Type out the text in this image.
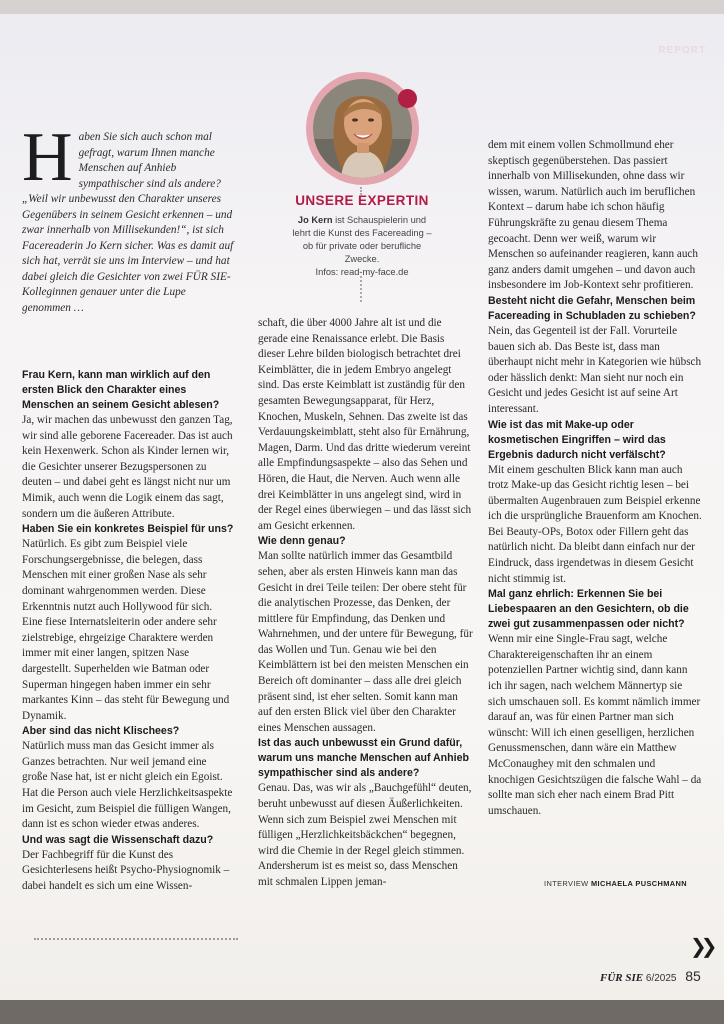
REPORT
H aben Sie sich auch schon mal gefragt, warum Ihnen manche Menschen auf Anhieb sympathischer sind als andere? „Weil wir unbewusst den Charakter unseres Gegenübers in seinem Gesicht erkennen – und zwar innerhalb von Millisekunden!“, ist sich Facereaderin Jo Kern sicher. Was es damit auf sich hat, verrät sie uns im Interview – und hat dabei gleich die Gesichter von zwei FÜR SIE-Kolleginnen genauer unter die Lupe genommen …
UNSERE EXPERTIN
Jo Kern ist Schauspielerin und lehrt die Kunst des Facereading – ob für private oder berufliche Zwecke.
Infos: read-my-face.de

Frau Kern, kann man wirklich auf den ersten Blick den Charakter eines Menschen an seinem Gesicht ablesen?

Ja, wir machen das unbewusst den ganzen Tag, wir sind alle geborene Facereader. Das ist auch kein Hexenwerk. Schon als Kinder lernen wir, die Gesichter unserer Bezugspersonen zu deuten – und dabei geht es längst nicht nur um Mimik, auch wenn die Logik einem das sagt, sondern um die äußeren Attribute.

Haben Sie ein konkretes Beispiel für uns?

Natürlich. Es gibt zum Beispiel viele Forschungsergebnisse, die belegen, dass Menschen mit einer großen Nase als sehr dominant wahrgenommen werden. Diese Erkenntnis nutzt auch Hollywood für sich. Eine fiese Internatsleiterin oder andere sehr zielstrebige, ehrgeizige Charaktere werden immer mit einer langen, spitzen Nase dargestellt. Superhelden wie Batman oder Superman hingegen haben immer ein sehr markantes Kinn – das steht für Bewegung und Dynamik.

Aber sind das nicht Klischees?

Natürlich muss man das Gesicht immer als Ganzes betrachten. Nur weil jemand eine große Nase hat, ist er nicht gleich ein Egoist. Hat die Person auch viele Herzlichkeitsaspekte im Gesicht, zum Beispiel die fülligen Wangen, dann ist es schon wieder etwas anderes.

Und was sagt die Wissenschaft dazu?

Der Fachbegriff für die Kunst des Gesichterlesens heißt Psycho-Physiognomik – dabei handelt es sich um eine Wissen-

schaft, die über 4000 Jahre alt ist und die gerade eine Renaissance erlebt. Die Basis dieser Lehre bilden biologisch betrachtet drei Keimblätter, die in jedem Embryo angelegt sind. Das erste Keimblatt ist zuständig für den gesamten Bewegungsapparat, für Herz, Knochen, Muskeln, Sehnen. Das zweite ist das Verdauungskeimblatt, steht also für Ernährung, Magen, Darm. Und das dritte wiederum vereint alle Empfindungsaspekte – also das Sehen und Hören, die Haut, die Nerven. Auch wenn alle drei Keimblätter in uns angelegt sind, wird in der Regel eines überwiegen – und das lässt sich am Gesicht erkennen.

Wie denn genau?

Man sollte natürlich immer das Gesamtbild sehen, aber als ersten Hinweis kann man das Gesicht in drei Teile teilen: Der obere steht für die analytischen Prozesse, das Denken, der mittlere für Empfindung, das Denken und Wahrnehmen, und der untere für Bewegung, für das Wollen und Tun. Genau wie bei den Keimblättern ist bei den meisten Menschen ein Bereich oft dominanter – dass alle drei gleich präsent sind, ist eher selten. Somit kann man auf den ersten Blick viel über den Charakter eines Menschen aussagen.

Ist das auch unbewusst ein Grund dafür, warum uns manche Menschen auf Anhieb sympathischer sind als andere?

Genau. Das, was wir als „Bauchgefühl“ deuten, beruht unbewusst auf diesen Äußerlichkeiten. Wenn sich zum Beispiel zwei Menschen mit fülligen „Herzlichkeitsbäckchen“ begegnen, wird die Chemie in der Regel gleich stimmen. Andersherum ist es meist so, dass Menschen mit schmalen Lippen jeman-

dem mit einem vollen Schmollmund eher skeptisch gegenüberstehen. Das passiert innerhalb von Millisekunden, ohne dass wir wissen, warum. Natürlich auch im beruflichen Kontext – darum habe ich schon häufig Führungskräfte zu genau diesem Thema gecoacht. Denn wer weiß, warum wir Menschen so aufeinander reagieren, kann auch ganz anders damit umgehen – und davon auch insbesondere im Job-Kontext sehr profitieren.

Besteht nicht die Gefahr, Menschen beim Facereading in Schubladen zu schieben?

Nein, das Gegenteil ist der Fall. Vorurteile bauen sich ab. Das Beste ist, dass man überhaupt nicht mehr in Kategorien wie hübsch oder hässlich denkt: Man sieht nur noch ein Gesicht und jedes Gesicht ist auf seine Art interessant.

Wie ist das mit Make-up oder kosmetischen Eingriffen – wird das Ergebnis dadurch nicht verfälscht?

Mit einem geschulten Blick kann man auch trotz Make-up das Gesicht richtig lesen – bei übermalten Augenbrauen zum Beispiel erkenne ich die ursprüngliche Brauenform am Knochen. Bei Beauty-OPs, Botox oder Fillern geht das natürlich nicht. Da bleibt dann einfach nur der Eindruck, dass irgendetwas in diesem Gesicht nicht stimmig ist.

Mal ganz ehrlich: Erkennen Sie bei Liebespaaren an den Gesichtern, ob die zwei gut zusammenpassen oder nicht?

Wenn mir eine Single-Frau sagt, welche Charaktereigenschaften ihr an einem potenziellen Partner wichtig sind, dann kann ich ihr sagen, nach welchem Männertyp sie sich umschauen soll. Es kommt nämlich immer darauf an, was für einen Partner man sich wünscht: Will ich einen geselligen, herzlichen Genussmenschen, dann wäre ein Matthew McConaughey mit den schmalen und knochigen Gesichtszügen die falsche Wahl – da sollte man sich eher nach einem Brad Pitt umschauen.

INTERVIEW MICHAELA PUSCHMANN
❯❯
FÜR SIE 6/2025 85
